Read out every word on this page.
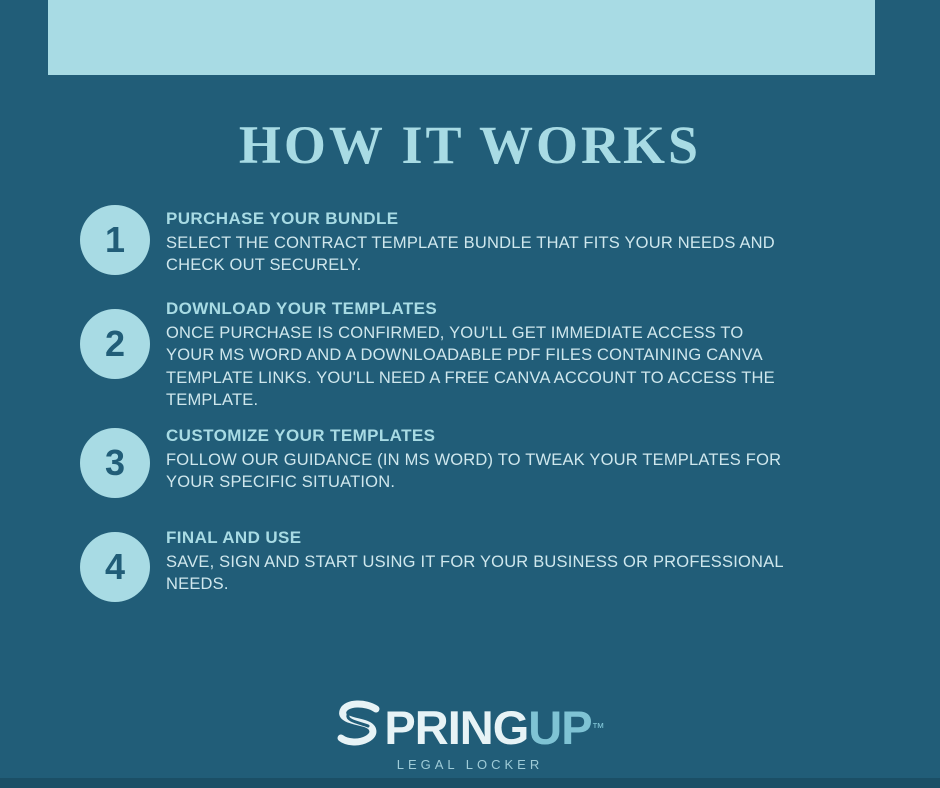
HOW IT WORKS
1
PURCHASE YOUR BUNDLE
SELECT THE CONTRACT TEMPLATE BUNDLE THAT FITS YOUR NEEDS AND CHECK OUT SECURELY.
2
DOWNLOAD YOUR TEMPLATES
ONCE PURCHASE IS CONFIRMED, YOU'LL GET IMMEDIATE ACCESS TO YOUR MS WORD AND A DOWNLOADABLE PDF FILES CONTAINING CANVA TEMPLATE LINKS. YOU'LL NEED A FREE CANVA ACCOUNT TO ACCESS THE TEMPLATE.
3
CUSTOMIZE YOUR TEMPLATES
FOLLOW OUR GUIDANCE (IN MS WORD) TO TWEAK YOUR TEMPLATES FOR YOUR SPECIFIC SITUATION.
4
FINAL AND USE
SAVE, SIGN AND START USING IT FOR YOUR BUSINESS OR PROFESSIONAL NEEDS.
PRING UP ™
LEGAL LOCKER
